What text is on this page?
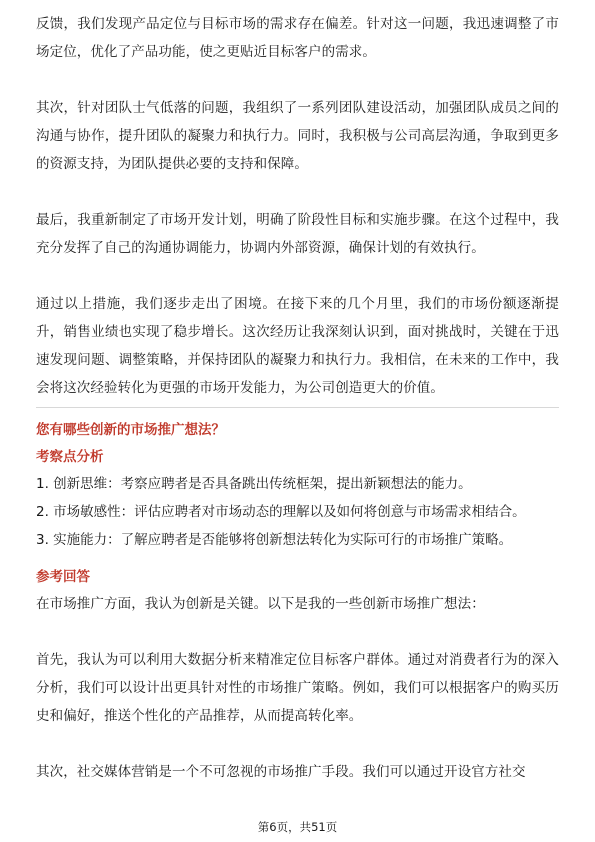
反馈，我们发现产品定位与目标市场的需求存在偏差。针对这一问题，我迅速调整了市场定位，优化了产品功能，使之更贴近目标客户的需求。

其次，针对团队士气低落的问题，我组织了一系列团队建设活动，加强团队成员之间的沟通与协作，提升团队的凝聚力和执行力。同时，我积极与公司高层沟通，争取到更多的资源支持，为团队提供必要的支持和保障。

最后，我重新制定了市场开发计划，明确了阶段性目标和实施步骤。在这个过程中，我充分发挥了自己的沟通协调能力，协调内外部资源，确保计划的有效执行。

通过以上措施，我们逐步走出了困境。在接下来的几个月里，我们的市场份额逐渐提升，销售业绩也实现了稳步增长。这次经历让我深刻认识到，面对挑战时，关键在于迅速发现问题、调整策略，并保持团队的凝聚力和执行力。我相信，在未来的工作中，我会将这次经验转化为更强的市场开发能力，为公司创造更大的价值。

您有哪些创新的市场推广想法？

考察点分析

1. 创新思维：考察应聘者是否具备跳出传统框架，提出新颖想法的能力。
2. 市场敏感性：评估应聘者对市场动态的理解以及如何将创意与市场需求相结合。
3. 实施能力：了解应聘者是否能够将创新想法转化为实际可行的市场推广策略。

参考回答

在市场推广方面，我认为创新是关键。以下是我的一些创新市场推广想法：

首先，我认为可以利用大数据分析来精准定位目标客户群体。通过对消费者行为的深入分析，我们可以设计出更具针对性的市场推广策略。例如，我们可以根据客户的购买历史和偏好，推送个性化的产品推荐，从而提高转化率。

其次，社交媒体营销是一个不可忽视的市场推广手段。我们可以通过开设官方社交

第6页，共51页
